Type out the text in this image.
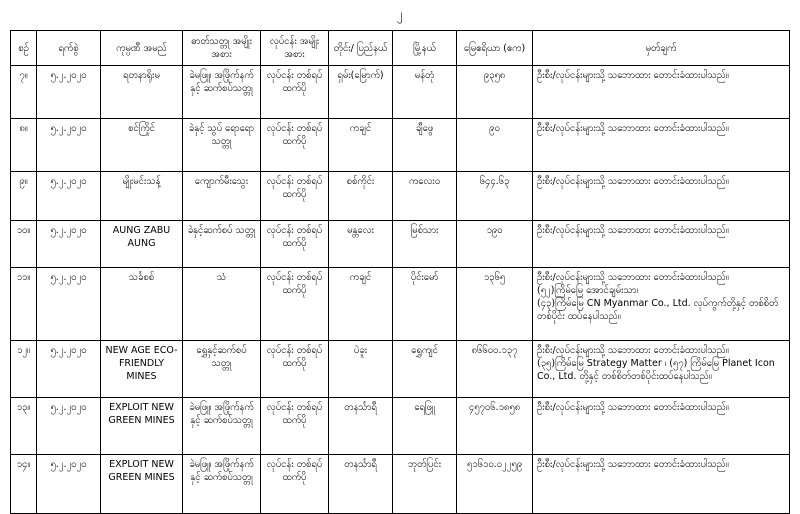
၂
စဉ်	ရက်စွဲ	ကုမ္ပဏီ အမည်	ဓာတ်သတ္တု အမျိုးအစား	လုပ်ငန်း အမျိုးအစား	တိုင်း/ ပြည်နယ်	မြို့နယ်	မြေဧရိယာ (ဧက)	မှတ်ချက်
၇။	၅.၂.၂၀၂၀	ရတနာရိုးမ	ခဲမဖြူ၊ အဖြိုက်နက်နှင့် ဆက်စပ်သတ္တု	လုပ်ငန်း တစ်ရပ်ထက်ပို	ရှမ်း(မြောက်)	မန်တုံ	၉၃၅၈	ဦးစီး/လုပ်ငန်းများသို့ သဘောထား တောင်းခံထားပါသည်။

၈။	၅.၂.၂၀၂၀	စင်ကြိုင်	ခဲနှင့် သွပ် ရောရောသတ္တု	လုပ်ငန်း တစ်ရပ်ထက်ပို	ကချင်	ချီဖွေ	၉၀	ဦးစီး/လုပ်ငန်းများသို့ သဘောထား တောင်းခံထားပါသည်။

၉။	၅.၂.၂၀၂၀	မျိုးမင်းသန့်	ကျောက်မီးသွေး	လုပ်ငန်း တစ်ရပ်ထက်ပို	စစ်ကိုင်း	ကလေးဝ	၆၄၄.၆၃	ဦးစီး/လုပ်ငန်းများသို့ သဘောထား တောင်းခံထားပါသည်။

၁၀။	၅.၂.၂၀၂၀	AUNG ZABU AUNG	ခဲနှင့်ဆက်စပ် သတ္တု	လုပ်ငန်း တစ်ရပ်ထက်ပို	မန္တလေး	မြစ်သား	၁၉၀	ဦးစီး/လုပ်ငန်းများသို့ သဘောထား တောင်းခံထားပါသည်။

၁၁။	၅.၂.၂၀၂၀	သင်္ခစစ်	သံ	လုပ်ငန်း တစ်ရပ်ထက်ပို	ကချင်	ပိုင်းမော်	၁၃၆၅	ဦးစီး/လုပ်ငန်းများသို့ သဘောထား တောင်းခံထားပါသည်။
(၅၂)ကြိမ်မြေ အောင်ချမ်းသာ၊
(၄၃)ကြိမ်မြေ CN Myanmar Co., Ltd. လုပ်ကွက်တို့နှင့် တစ်စိတ် တစ်ပိုင်း ထပ်နေပါသည်။

၁၂။	၅.၂.၂၀၂၀	NEW AGE ECO-FRIENDLY MINES	ရွှေနှင့်ဆက်စပ် သတ္တု	လုပ်ငန်း တစ်ရပ်ထက်ပို	ပဲခူး	ရွှေကျင်	၈၆၆၀၀.၁၃၇	ဦးစီး/လုပ်ငန်းများသို့ သဘောထား တောင်းခံထားပါသည်။
(၃၅)ကြိမ်မြေ Strategy Matter ၊ (၅၇) ကြိမ်မြေ Planet Icon Co., Ltd. တို့နှင့် တစ်စိတ်တစ်ပိုင်းထပ်နေပါသည်။

၁၃။	၅.၂.၂၀၂၀	EXPLOIT NEW GREEN MINES	ခဲမဖြူ၊ အဖြိုက်နက်နှင့် ဆက်စပ်သတ္တု	လုပ်ငန်း တစ်ရပ်ထက်ပို	တနင်္သာရီ	ရေဖြူ	၄၅၇၀၆.၁၈၅၈	ဦးစီး/လုပ်ငန်းများသို့ သဘောထား တောင်းခံထားပါသည်။

၁၄။	၅.၂.၂၀၂၀	EXPLOIT NEW GREEN MINES	ခဲမဖြူ၊ အဖြိုက်နက်နှင့် ဆက်စပ်သတ္တု	လုပ်ငန်း တစ်ရပ်ထက်ပို	တနင်္သာရီ	ဘုတ်ပြင်း	၅၁၆၁၀.၀၂၂၅၉	ဦးစီး/လုပ်ငန်းများသို့ သဘောထား တောင်းခံထားပါသည်။
